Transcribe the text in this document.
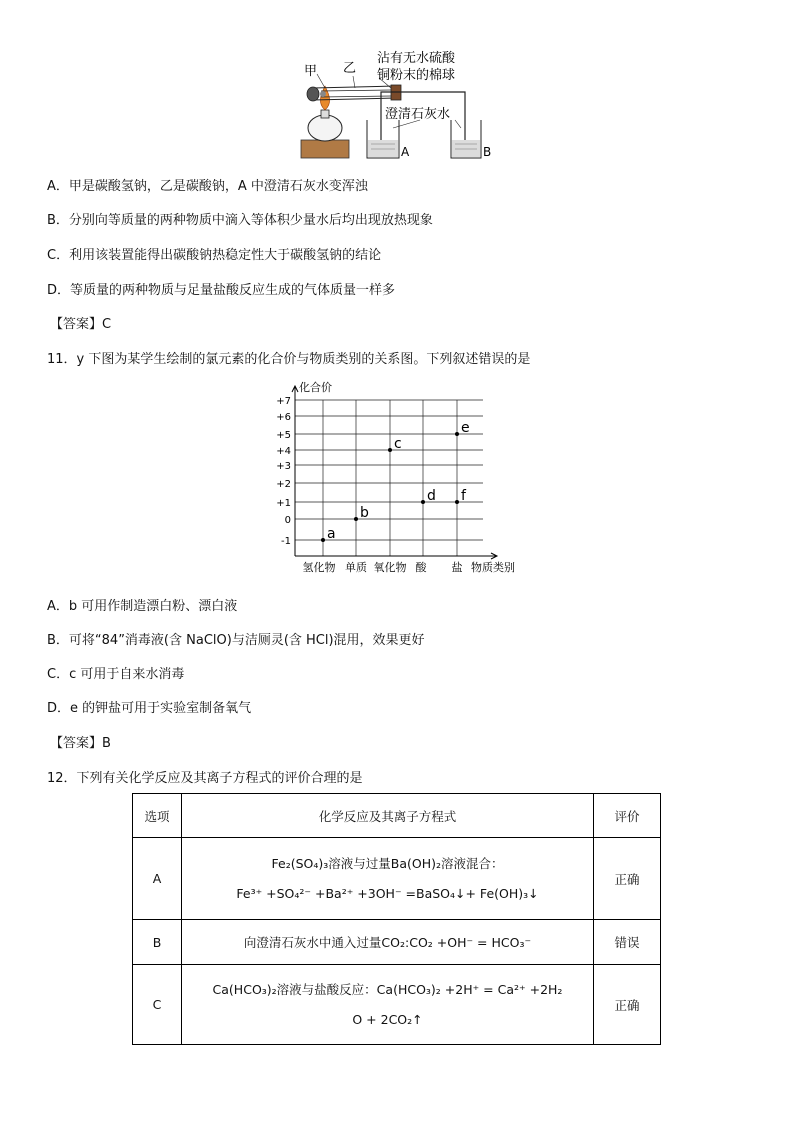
甲 乙
沾有无水硫酸
铜粉末的棉球
澄清石灰水
A	B
A．甲是碳酸氢钠，乙是碳酸钠，A 中澄清石灰水变浑浊
B．分别向等质量的两种物质中滴入等体积少量水后均出现放热现象
C．利用该装置能得出碳酸钠热稳定性大于碳酸氢钠的结论
D．等质量的两种物质与足量盐酸反应生成的气体质量一样多
【答案】C
11．y 下图为某学生绘制的氯元素的化合价与物质类别的关系图。下列叙述错误的是
+7
+6
+5
+4
+3
+2
+1
0
-1
氢化物 单质 氧化物 酸 盐
a
b
c
d
e
f
化合价
物质类别
A．b 可用作制造漂白粉、漂白液
B．可将“84”消毒液(含 NaClO)与洁厕灵(含 HCl)混用，效果更好
C．c 可用于自来水消毒
D．e 的钾盐可用于实验室制备氧气
【答案】B
12．下列有关化学反应及其离子方程式的评价合理的是
选项	化学反应及其离子方程式	评价
A	Fe₂(SO₄)₃溶液与过量Ba(OH)₂溶液混合：
Fe³⁺ +SO₄²⁻ +Ba²⁺ +3OH⁻ =BaSO₄↓+ Fe(OH)₃↓	正确
B	向澄清石灰水中通入过量CO₂:CO₂ +OH⁻ = HCO₃⁻	错误
C	Ca(HCO₃)₂溶液与盐酸反应：Ca(HCO₃)₂ +2H⁺ = Ca²⁺ +2H₂
O + 2CO₂↑	正确
